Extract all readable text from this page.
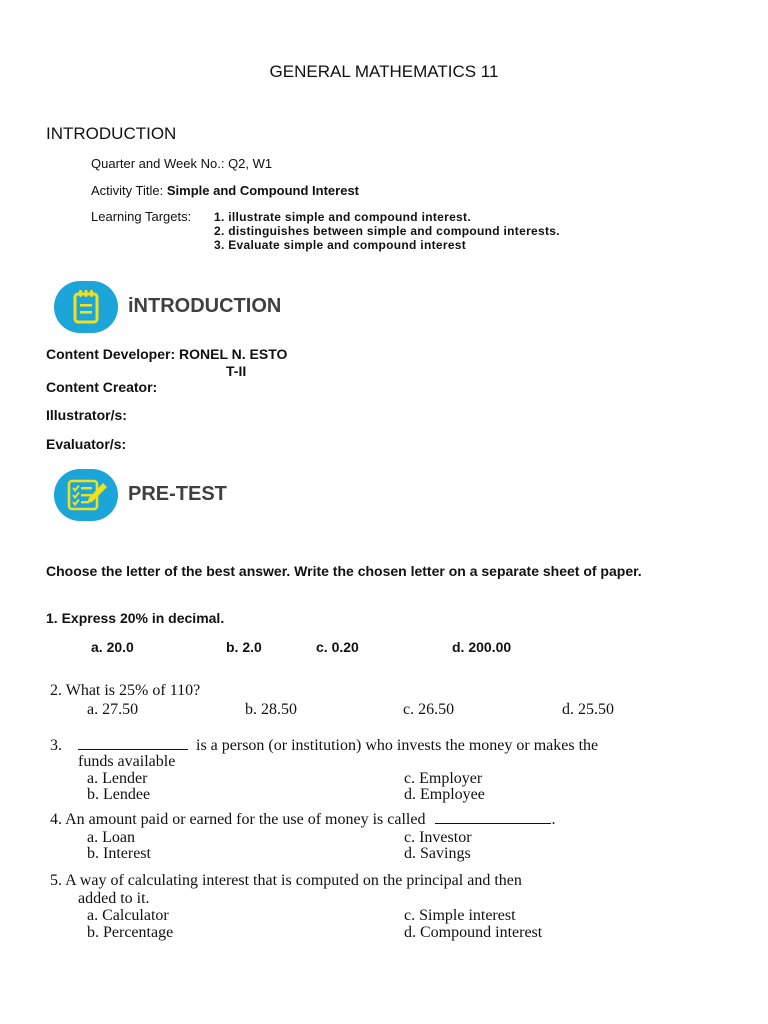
GENERAL MATHEMATICS 11
INTRODUCTION
Quarter and Week No.: Q2, W1
Activity Title: Simple and Compound Interest
Learning Targets: 1. illustrate simple and compound interest.
2. distinguishes between simple and compound interests.
3. Evaluate simple and compound interest
iNTRODUCTION
Content Developer: RONEL N. ESTO
T-II
Content Creator:
Illustrator/s:
Evaluator/s:
PRE-TEST
Choose the letter of the best answer. Write the chosen letter on a separate sheet of paper.
1. Express 20% in decimal.
a. 20.0	b. 2.0	c. 0.20	d. 200.00
2. What is 25% of 110?
a. 27.50	b. 28.50	c. 26.50	d. 25.50
3.	is a person (or institution) who invests the money or makes the
funds available
a. Lender
b. Lendee
c. Employer
d. Employee
4. An amount paid or earned for the use of money is called	.
a. Loan
b. Interest
c. Investor
d. Savings
5. A way of calculating interest that is computed on the principal and then
added to it.
a. Calculator
b. Percentage
c. Simple interest
d. Compound interest
